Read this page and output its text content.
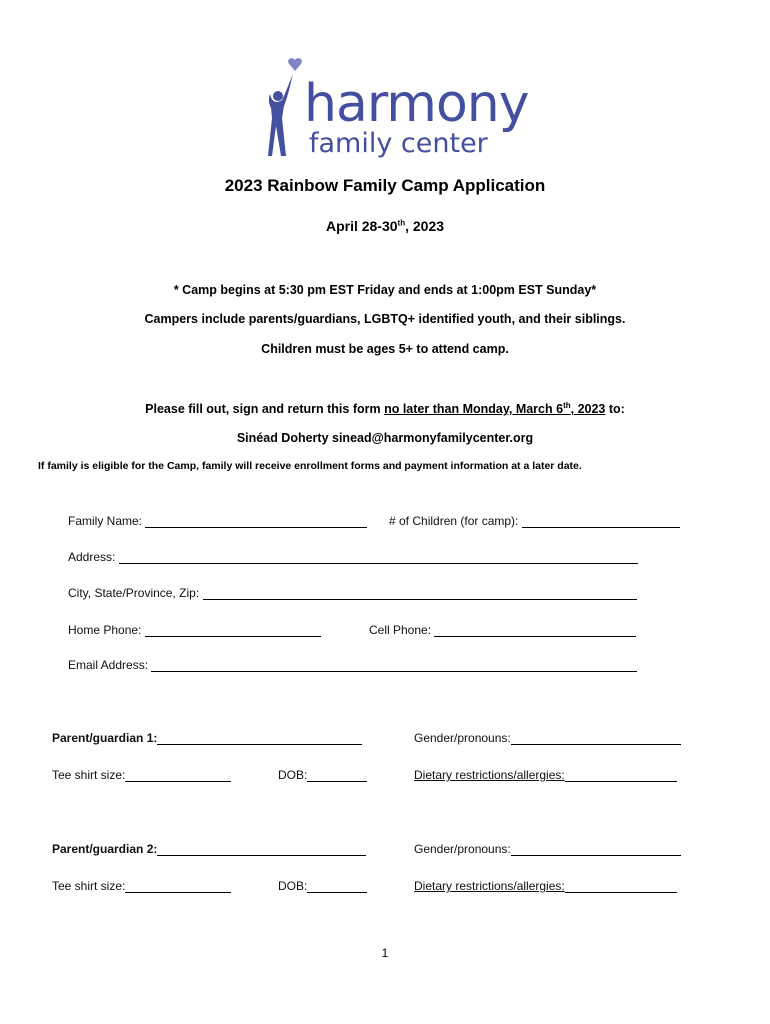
harmony
family center
2023 Rainbow Family Camp Application
April 28-30th, 2023
* Camp begins at 5:30 pm EST Friday and ends at 1:00pm EST Sunday*
Campers include parents/guardians, LGBTQ+ identified youth, and their siblings.
Children must be ages 5+ to attend camp.
Please fill out, sign and return this form no later than Monday, March 6th, 2023 to:
Sinéad Doherty sinead@harmonyfamilycenter.org
If family is eligible for the Camp, family will receive enrollment forms and payment information at a later date.
Family Name:	# of Children (for camp):
Address:
City, State/Province, Zip:
Home Phone:	Cell Phone:
Email Address:
Parent/guardian 1:	Gender/pronouns:
Tee shirt size:	DOB:	Dietary restrictions/allergies:
Parent/guardian 2:	Gender/pronouns:
Tee shirt size:	DOB:	Dietary restrictions/allergies:
1
